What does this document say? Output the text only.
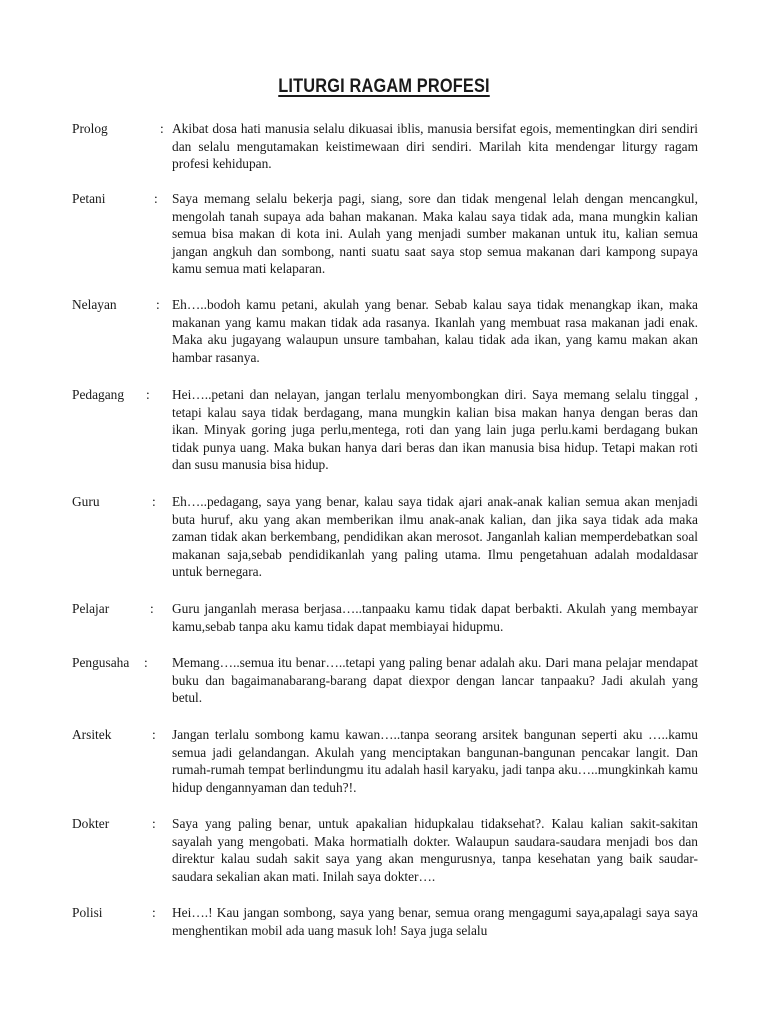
LITURGI RAGAM PROFESI
Prolog	: Akibat dosa hati manusia selalu dikuasai iblis, manusia bersifat egois, mementingkan diri sendiri dan selalu mengutamakan keistimewaan diri sendiri. Marilah kita mendengar liturgy ragam profesi kehidupan.
Petani	: Saya memang selalu bekerja pagi, siang, sore dan tidak mengenal lelah dengan mencangkul, mengolah tanah supaya ada bahan makanan. Maka kalau saya tidak ada, mana mungkin kalian semua bisa makan di kota ini. Aulah yang menjadi sumber makanan untuk itu, kalian semua jangan angkuh dan sombong, nanti suatu saat saya stop semua makanan dari kampong supaya kamu semua mati kelaparan.
Nelayan	: Eh…..bodoh kamu petani, akulah yang benar. Sebab kalau saya tidak menangkap ikan, maka makanan yang kamu makan tidak ada rasanya. Ikanlah yang membuat rasa makanan jadi enak. Maka aku jugayang walaupun unsure tambahan, kalau tidak ada ikan, yang kamu makan akan hambar rasanya.
Pedagang : Hei…..petani dan nelayan, jangan terlalu menyombongkan diri. Saya memang selalu tinggal , tetapi kalau saya tidak berdagang, mana mungkin kalian bisa makan hanya dengan beras dan ikan. Minyak goring juga perlu,mentega, roti dan yang lain juga perlu.kami berdagang bukan tidak punya uang. Maka bukan hanya dari beras dan ikan manusia bisa hidup. Tetapi makan roti dan susu manusia bisa hidup.
Guru	: Eh…..pedagang, saya yang benar, kalau saya tidak ajari anak-anak kalian semua akan menjadi buta huruf, aku yang akan memberikan ilmu anak-anak kalian, dan jika saya tidak ada maka zaman tidak akan berkembang, pendidikan akan merosot. Janganlah kalian memperdebatkan soal makanan saja,sebab pendidikanlah yang paling utama. Ilmu pengetahuan adalah modaldasar untuk bernegara.
Pelajar	: Guru janganlah merasa berjasa…..tanpaaku kamu tidak dapat berbakti. Akulah yang membayar kamu,sebab tanpa aku kamu tidak dapat membiayai hidupmu.
Pengusaha : Memang…..semua itu benar…..tetapi yang paling benar adalah aku. Dari mana pelajar mendapat buku dan bagaimanabarang-barang dapat diexpor dengan lancar tanpaaku? Jadi akulah yang betul.
Arsitek	: Jangan terlalu sombong kamu kawan…..tanpa seorang arsitek bangunan seperti aku …..kamu semua jadi gelandangan. Akulah yang menciptakan bangunan-bangunan pencakar langit. Dan rumah-rumah tempat berlindungmu itu adalah hasil karyaku, jadi tanpa aku…..mungkinkah kamu hidup dengannyaman dan teduh?!.
Dokter	: Saya yang paling benar, untuk apakalian hidupkalau tidaksehat?. Kalau kalian sakit-sakitan sayalah yang mengobati. Maka hormatialh dokter. Walaupun saudara-saudara menjadi bos dan direktur kalau sudah sakit saya yang akan mengurusnya, tanpa kesehatan yang baik saudar-saudara sekalian akan mati. Inilah saya dokter….
Polisi	: Hei….! Kau jangan sombong, saya yang benar, semua orang mengagumi saya,apalagi saya saya menghentikan mobil ada uang masuk loh! Saya juga selalu
